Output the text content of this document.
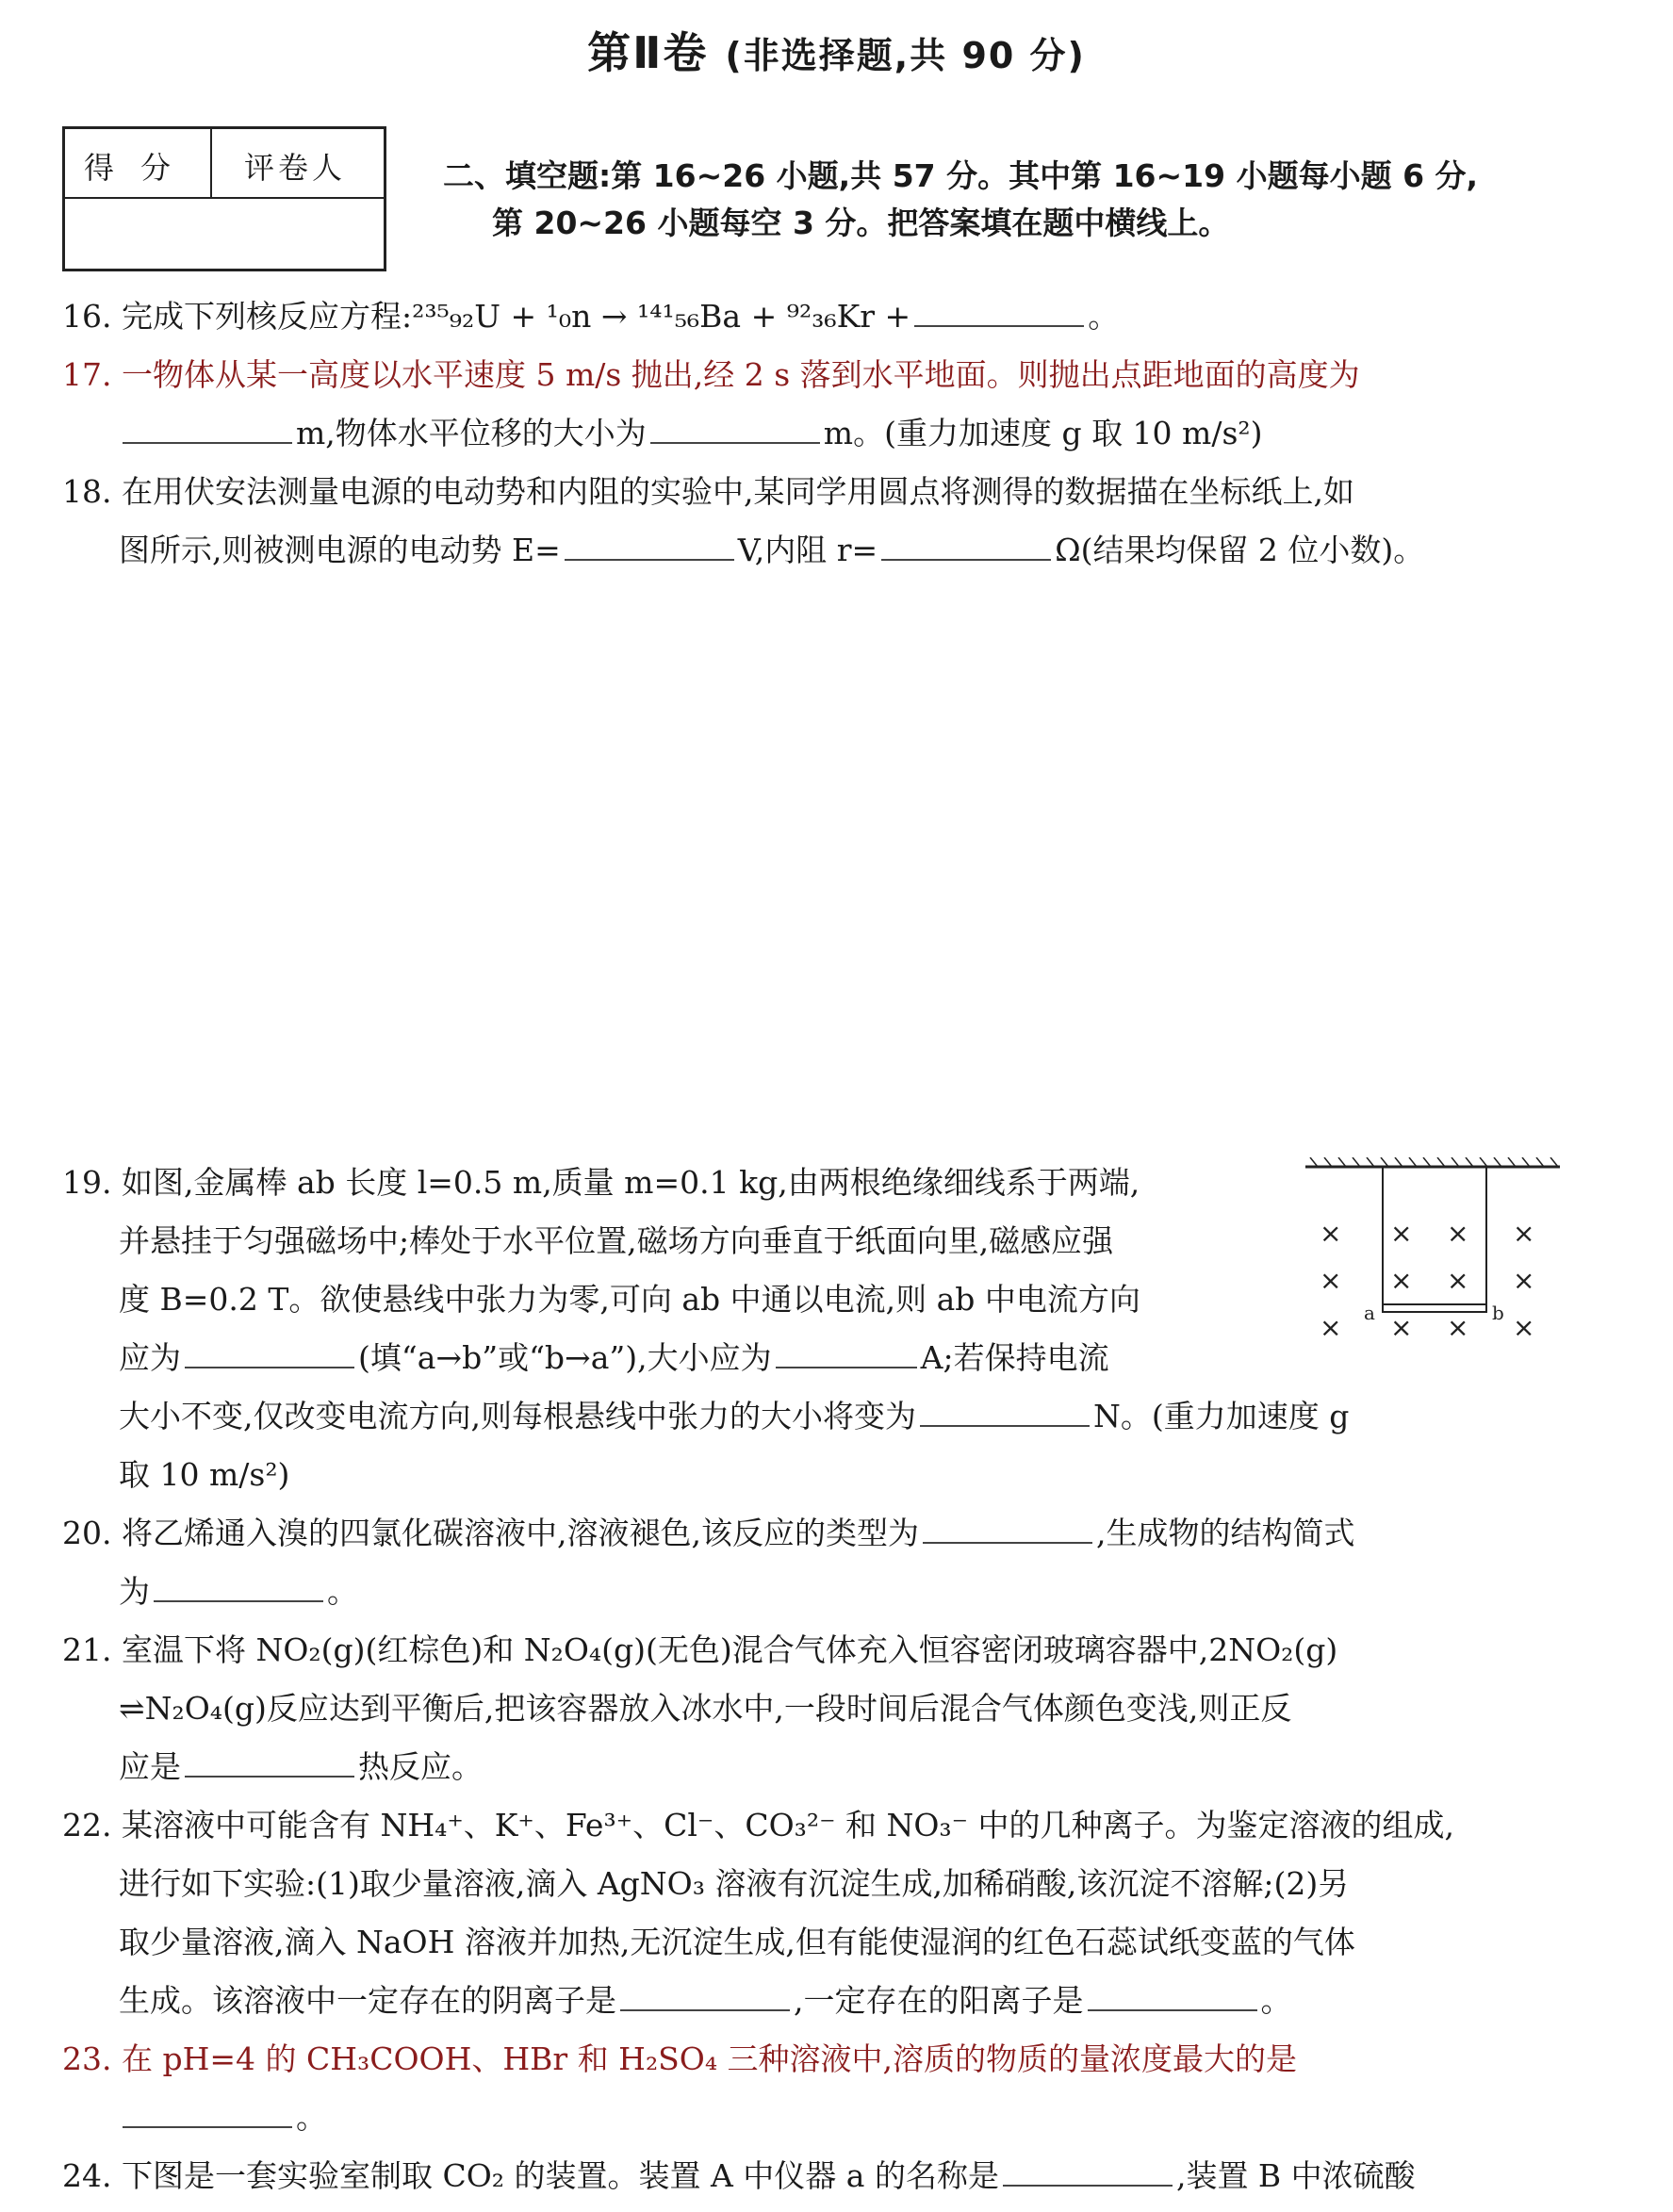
第Ⅱ卷 (非选择题,共 90 分)
得分 评卷人	二、填空题:第 16~26 小题,共 57 分。其中第 16~19 小题每小题 6 分,
第 20~26 小题每空 3 分。把答案填在题中横线上。
16. 完成下列核反应方程:²³⁵₉₂U + ¹₀n → ¹⁴¹₅₆Ba + ⁹²₃₆Kr +	。
17. 一物体从某一高度以水平速度 5 m/s 抛出,经 2 s 落到水平地面。则抛出点距地面的高度为
m,物体水平位移的大小为	m。(重力加速度 g 取 10 m/s²)
18. 在用伏安法测量电源的电动势和内阻的实验中,某同学用圆点将测得的数据描在坐标纸上,如
图所示,则被测电源的电动势 E=	V,内阻 r=	Ω(结果均保留 2 位小数)。
19. 如图,金属棒 ab 长度 l=0.5 m,质量 m=0.1 kg,由两根绝缘细线系于两端,
并悬挂于匀强磁场中;棒处于水平位置,磁场方向垂直于纸面向里,磁感应强
度 B=0.2 T。欲使悬线中张力为零,可向 ab 中通以电流,则 ab 中电流方向
应为	(填“a→b”或“b→a”),大小应为	A;若保持电流
大小不变,仅改变电流方向,则每根悬线中张力的大小将变为	N。(重力加速度 g
取 10 m/s²)
× × × ×
× × × ×
× × × ×
a	b
20. 将乙烯通入溴的四氯化碳溶液中,溶液褪色,该反应的类型为	,生成物的结构简式
为	。
21. 室温下将 NO₂(g)(红棕色)和 N₂O₄(g)(无色)混合气体充入恒容密闭玻璃容器中,2NO₂(g)
⇌N₂O₄(g)反应达到平衡后,把该容器放入冰水中,一段时间后混合气体颜色变浅,则正反
应是	热反应。
22. 某溶液中可能含有 NH₄⁺、K⁺、Fe³⁺、Cl⁻、CO₃²⁻ 和 NO₃⁻ 中的几种离子。为鉴定溶液的组成,
进行如下实验:(1)取少量溶液,滴入 AgNO₃ 溶液有沉淀生成,加稀硝酸,该沉淀不溶解;(2)另
取少量溶液,滴入 NaOH 溶液并加热,无沉淀生成,但有能使湿润的红色石蕊试纸变蓝的气体
生成。该溶液中一定存在的阴离子是	,一定存在的阳离子是	。
23. 在 pH=4 的 CH₃COOH、HBr 和 H₂SO₄ 三种溶液中,溶质的物质的量浓度最大的是
。
24. 下图是一套实验室制取 CO₂ 的装置。装置 A 中仪器 a 的名称是	,装置 B 中浓硫酸
